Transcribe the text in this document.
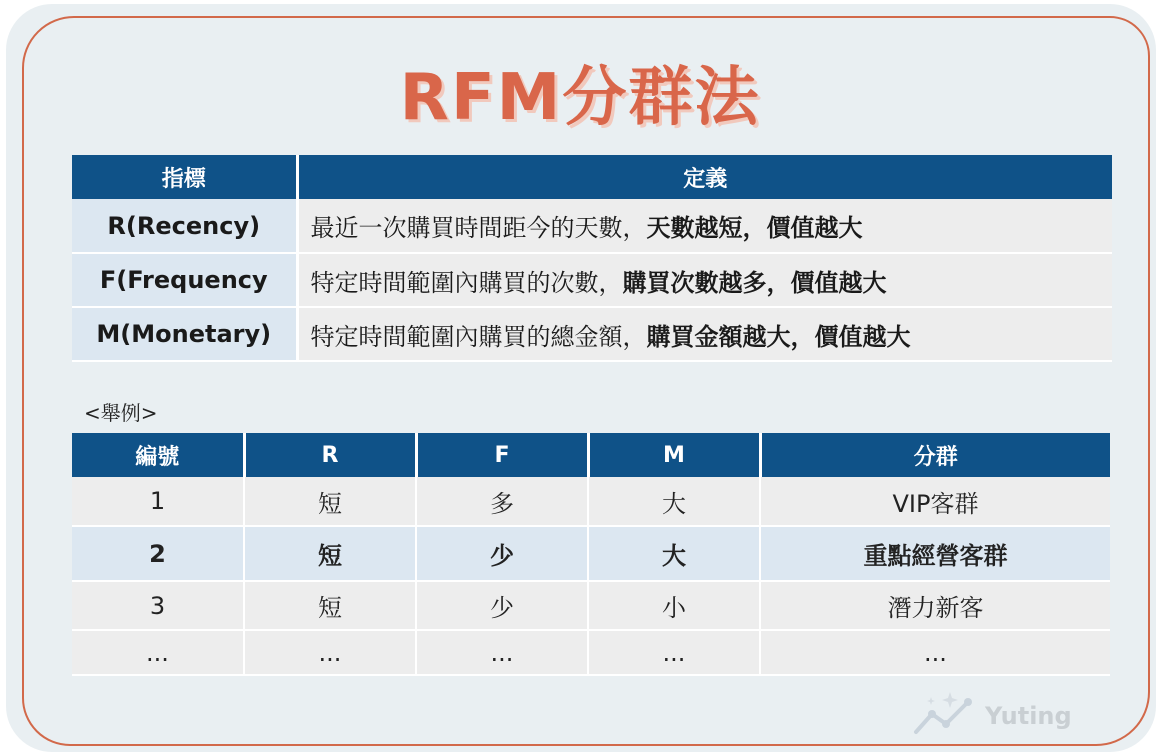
RFM分群法
指標	定義
R(Recency)	最近一次購買時間距今的天數，天數越短，價值越大
F(Frequency	特定時間範圍內購買的次數，購買次數越多，價值越大
M(Monetary)	特定時間範圍內購買的總金額，購買金額越大，價值越大
<舉例>
編號	R	F	M	分群
1	短	多	大	VIP客群
2	短	少	大	重點經營客群
3	短	少	小	潛力新客
...	...	...	...	...
Yuting
